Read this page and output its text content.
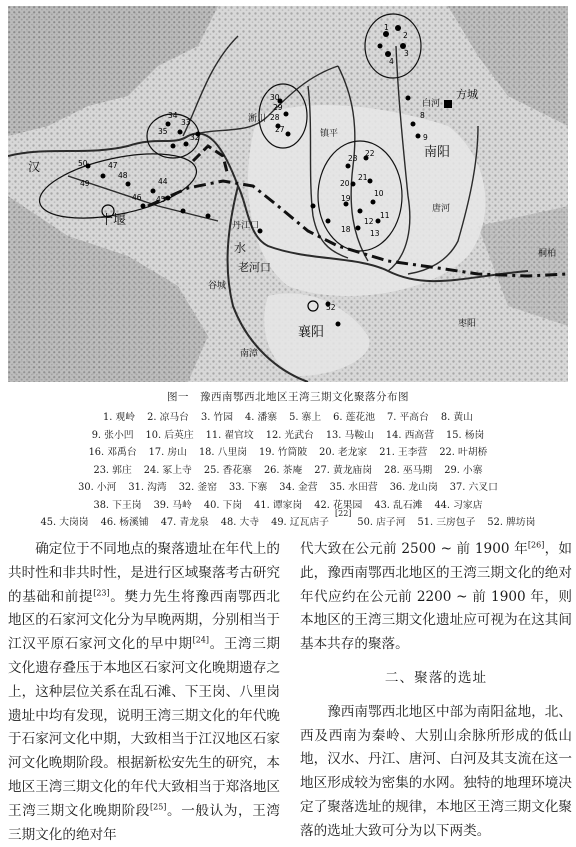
1
2
3
4
8
9
30
29
28
27
23
22
21
20
19
10
12
11
18	13
34
33
35
32
50	47
48
44
49
45
46
52
方城
南阳
老河口
谷城
襄阳
十堰	丹江口
南漳
枣阳
桐柏
白河
唐河
淅川
镇平
汉
水
图一　豫西南鄂西北地区王湾三期文化聚落分布图
1. 观岭 2. 凉马台 3. 竹园 4. 潘寨 5. 寨上 6. 莲花池 7. 平高台 8. 黄山
9. 张小凹 10. 后英庄 11. 翟官坟 12. 光武台 13. 马鞍山 14. 西高营 15. 杨岗
16. 邓禹台 17. 房山 18. 八里岗 19. 竹筒陂 20. 老龙家 21. 王李营 22. 叶胡桥
23. 郭庄 24. 冢上寺 25. 香花寨 26. 茶庵 27. 黄龙庙岗 28. 巫马期 29. 小寨
30. 小河 31. 沟湾 32. 釜窑 33. 下寨 34. 金营 35. 水田营 36. 龙山岗 37. 六叉口
38. 下王岗 39. 马岭 40. 下岗 41. 谭家岗 42. 花果园 43. 乱石滩 44. 习家店
45. 大岗岗 46. 杨溪铺 47. 青龙泉 48. 大寺 49. 辽瓦店子
[22]
50. 店子河 51. 三房包子 52. 牌坊岗

确定位于不同地点的聚落遗址在年代上的共时性和非共时性，是进行区域聚落考古研究的基础和前提[23]。樊力先生将豫西南鄂西北地区的石家河文化分为早晚两期，分别相当于江汉平原石家河文化的早中期[24]。王湾三期文化遗存叠压于本地区石家河文化晚期遗存之上，这种层位关系在乱石滩、下王岗、八里岗遗址中均有发现，说明王湾三期文化的年代晚于石家河文化中期，大致相当于江汉地区石家河文化晚期阶段。根据新松安先生的研究，本地区王湾三期文化的年代大致相当于郑洛地区王湾三期文化晚期阶段[25]。一般认为，王湾三期文化的绝对年

代大致在公元前 2500 ~ 前 1900 年[26]，如此，豫西南鄂西北地区的王湾三期文化的绝对年代应约在公元前 2200 ~ 前 1900 年，则本地区的王湾三期文化遗址应可视为在这其间基本共存的聚落。

二、聚落的选址

豫西南鄂西北地区中部为南阳盆地，北、西及西南为秦岭、大别山余脉所形成的低山地，汉水、丹江、唐河、白河及其支流在这一地区形成较为密集的水网。独特的地理环境决定了聚落选址的规律，本地区王湾三期文化聚落的选址大致可分为以下两类。
